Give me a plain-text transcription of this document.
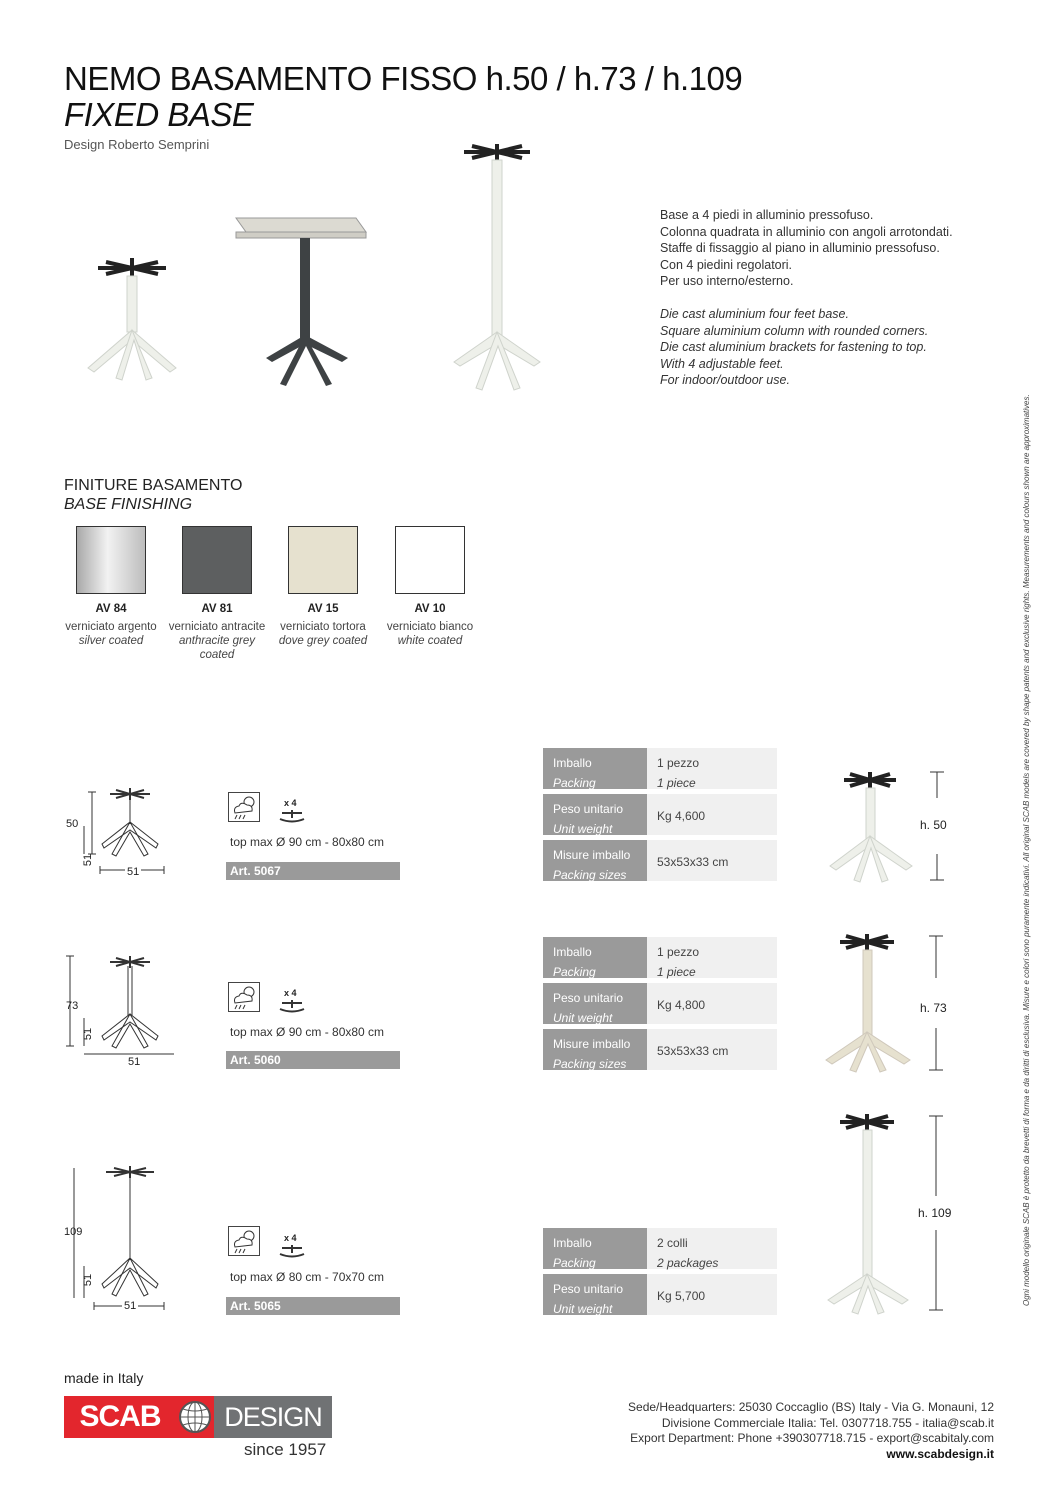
NEMO BASAMENTO FISSO h.50 / h.73 / h.109
FIXED BASE
Design Roberto Semprini
Base a 4 piedi in alluminio pressofuso.
Colonna quadrata in alluminio con angoli arrotondati.
Staffe di fissaggio al piano in alluminio pressofuso.
Con 4 piedini regolatori.
Per uso interno/esterno.
Die cast aluminium four feet base.
Square aluminium column with rounded corners.
Die cast aluminium brackets for fastening to top.
With 4 adjustable feet.
For indoor/outdoor use.
FINITURE BASAMENTO
BASE FINISHING
AV 84
verniciato argento
silver coated
AV 81
verniciato antracite
anthracite grey coated
AV 15
verniciato tortora
dove grey coated
AV 10
verniciato bianco
white coated
50
51
51
x 4
top max Ø 90 cm - 80x80 cm
Art. 5067
Imballo
Packing
1 pezzo
1 piece
Peso unitario
Unit weight
Kg 4,600
Misure imballo
Packing sizes
53x53x33 cm
h. 50
73
51
51
x 4
top max Ø 90 cm - 80x80 cm
Art. 5060
Imballo
Packing
1 pezzo
1 piece
Peso unitario
Unit weight
Kg 4,800
Misure imballo
Packing sizes
53x53x33 cm
h. 73
109
51
51
x 4
top max Ø 80 cm - 70x70 cm
Art. 5065
Imballo
Packing
2 colli
2 packages
Peso unitario
Unit weight
Kg 5,700
h. 109	Ogni modello originale SCAB è protetto da brevetti di forma e da diritti di esclusiva. Misure e colori sono puramente indicativi. All original SCAB models are covered by shape patents and exclusive rights. Measurements and colours shown are approximatives.
made in Italy
SCAB	DESIGN
since 1957
Sede/Headquarters: 25030 Coccaglio (BS) Italy - Via G. Monauni, 12
Divisione Commerciale Italia: Tel. 0307718.755 - italia@scab.it
Export Department: Phone +390307718.715 - export@scabitaly.com
www.scabdesign.it
